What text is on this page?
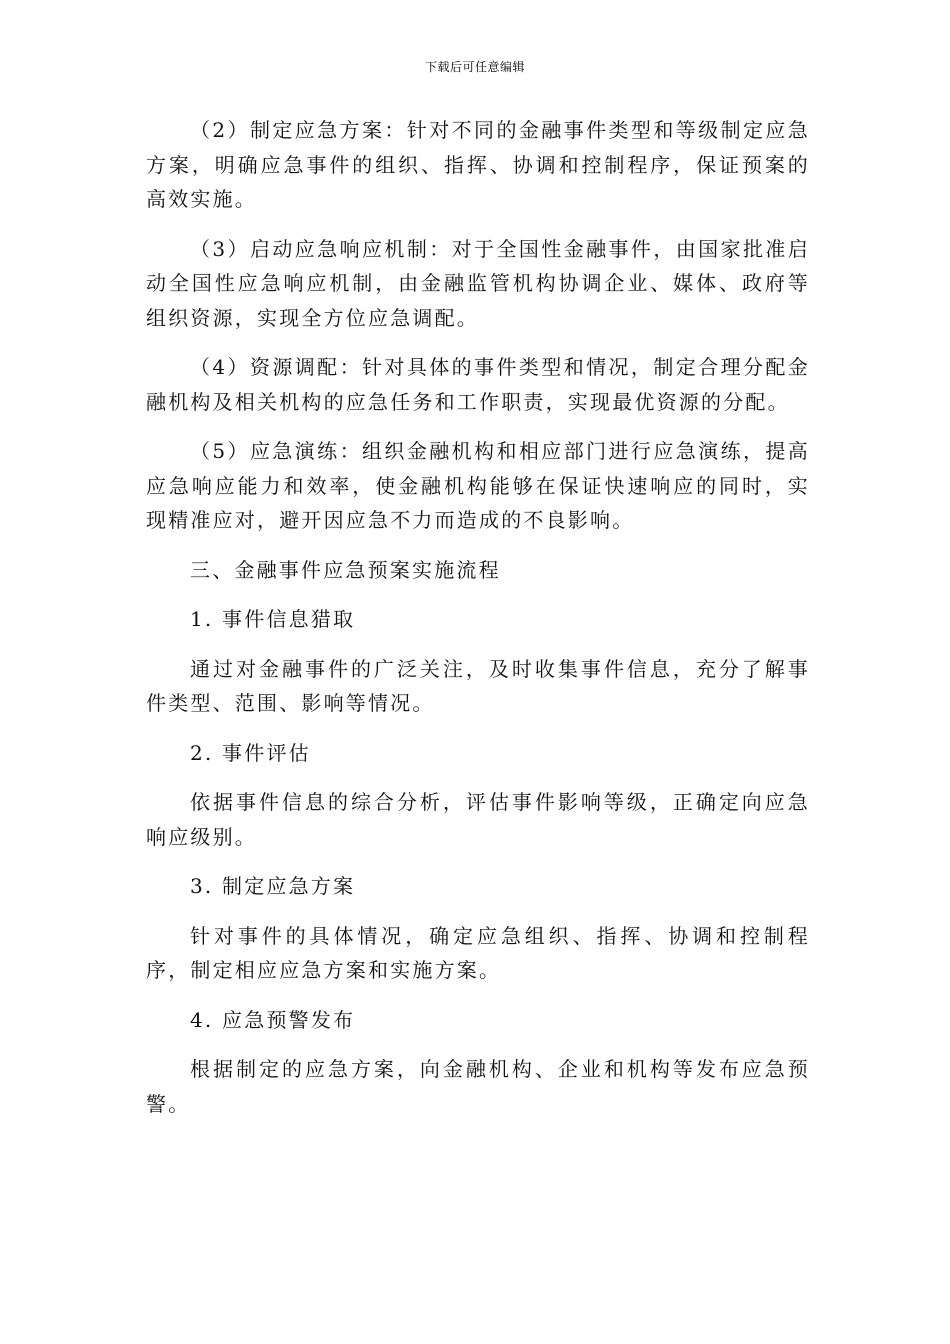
下载后可任意编辑

（2）制定应急方案：针对不同的金融事件类型和等级制定应急方案，明确应急事件的组织、指挥、协调和控制程序，保证预案的高效实施。

（3）启动应急响应机制：对于全国性金融事件，由国家批准启动全国性应急响应机制，由金融监管机构协调企业、媒体、政府等组织资源，实现全方位应急调配。

（4）资源调配：针对具体的事件类型和情况，制定合理分配金融机构及相关机构的应急任务和工作职责，实现最优资源的分配。

（5）应急演练：组织金融机构和相应部门进行应急演练，提高应急响应能力和效率，使金融机构能够在保证快速响应的同时，实现精准应对，避开因应急不力而造成的不良影响。

三、金融事件应急预案实施流程

1. 事件信息猎取

通过对金融事件的广泛关注，及时收集事件信息，充分了解事件类型、范围、影响等情况。

2. 事件评估

依据事件信息的综合分析，评估事件影响等级，正确定向应急响应级别。

3. 制定应急方案

针对事件的具体情况，确定应急组织、指挥、协调和控制程序，制定相应应急方案和实施方案。

4. 应急预警发布

根据制定的应急方案，向金融机构、企业和机构等发布应急预警。
